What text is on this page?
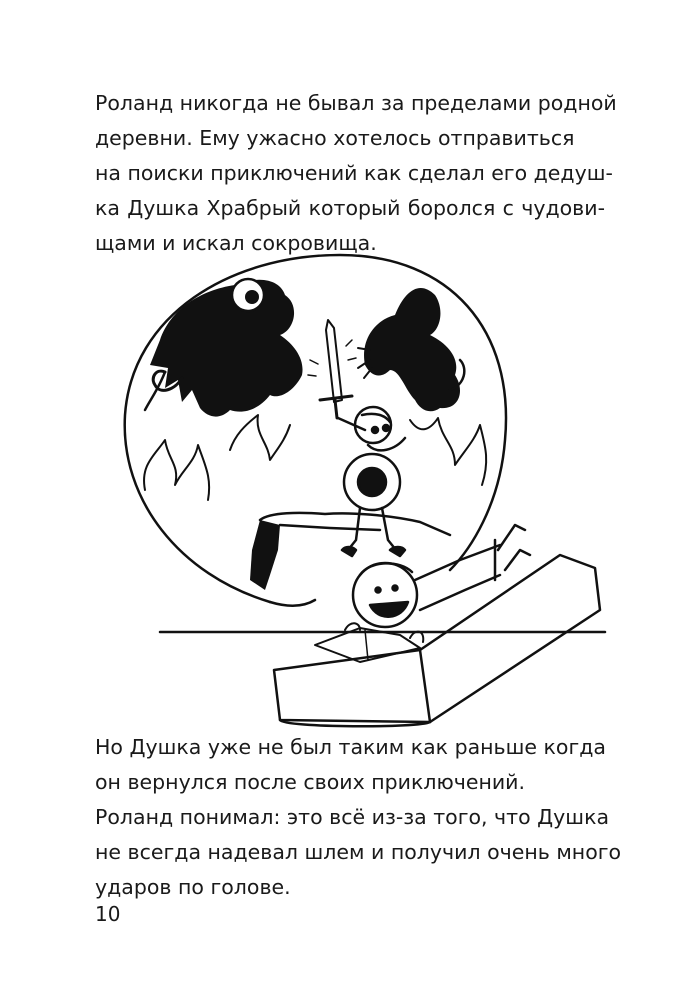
Роланд никогда не бывал за пределами родной
деревни. Ему ужасно хотелось отправиться
на поиски приключений как сделал его дедуш-
ка Душка Храбрый который боролся с чудови-
щами и искал сокровища.
Но Душка уже не был таким как раньше когда
он вернулся после своих приключений.
Роланд понимал: это всё из-за того, что Душка
не всегда надевал шлем и получил очень много
ударов по голове.
10
